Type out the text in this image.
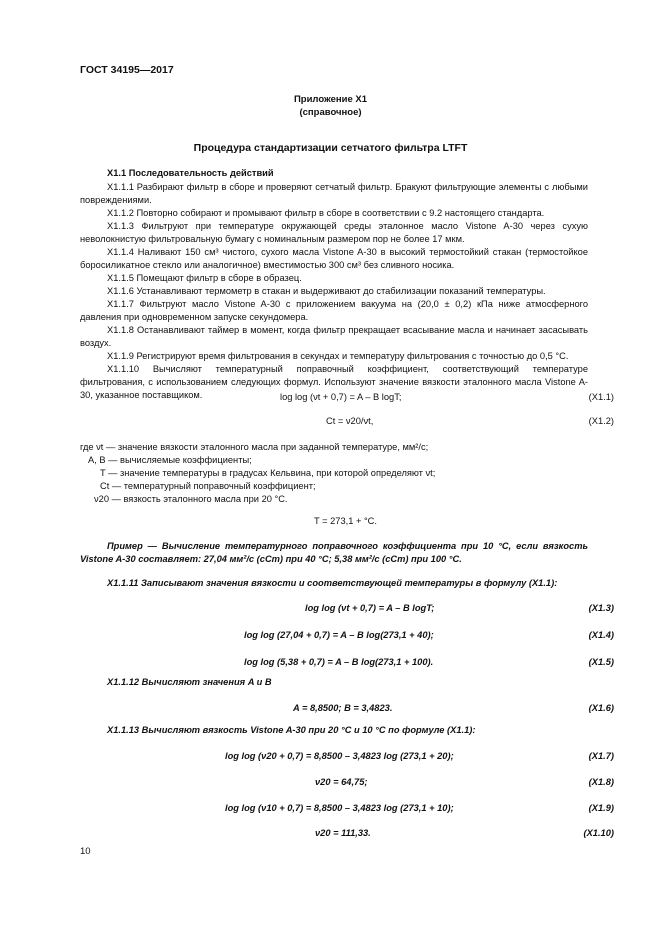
ГОСТ 34195—2017
Приложение Х1
(справочное)
Процедура стандартизации сетчатого фильтра LTFT
Х1.1 Последовательность действий
Х1.1.1 Разбирают фильтр в сборе и проверяют сетчатый фильтр. Бракуют фильтрующие элементы с любыми повреждениями.
Х1.1.2 Повторно собирают и промывают фильтр в сборе в соответствии с 9.2 настоящего стандарта.
Х1.1.3 Фильтруют при температуре окружающей среды эталонное масло Vistone A-30 через сухую неволокнистую фильтровальную бумагу с номинальным размером пор не более 17 мкм.
Х1.1.4 Наливают 150 см³ чистого, сухого масла Vistone A-30 в высокий термостойкий стакан (термостойкое боросиликатное стекло или аналогичное) вместимостью 300 см³ без сливного носика.
Х1.1.5 Помещают фильтр в сборе в образец.
Х1.1.6 Устанавливают термометр в стакан и выдерживают до стабилизации показаний температуры.
Х1.1.7 Фильтруют масло Vistone A-30 с приложением вакуума на (20,0 ± 0,2) кПа ниже атмосферного давления при одновременном запуске секундомера.
Х1.1.8 Останавливают таймер в момент, когда фильтр прекращает всасывание масла и начинает засасывать воздух.
Х1.1.9 Регистрируют время фильтрования в секундах и температуру фильтрования с точностью до 0,5 °С.
Х1.1.10 Вычисляют температурный поправочный коэффициент, соответствующий температуре фильтрования, с использованием следующих формул. Используют значение вязкости эталонного масла Vistone A-30, указанное поставщиком.	log log (νt + 0,7) = A – B logT;	(Х1.1)
Ct = ν20/νt,	(Х1.2)
где νt — значение вязкости эталонного масла при заданной температуре, мм²/с;
A, B — вычисляемые коэффициенты;
T — значение температуры в градусах Кельвина, при которой определяют νt;
Ct — температурный поправочный коэффициент;
ν20 — вязкость эталонного масла при 20 °С.
T = 273,1 + °C.
Пример — Вычисление температурного поправочного коэффициента при 10 °С, если вязкость Vistone A-30 составляет: 27,04 мм²/с (сСт) при 40 °С; 5,38 мм²/с (сСт) при 100 °С.
Х1.1.11 Записывают значения вязкости и соответствующей температуры в формулу (Х1.1):
log log (νt + 0,7) = A – B logT;	(Х1.3)
log log (27,04 + 0,7) = A – B log(273,1 + 40);	(Х1.4)
log log (5,38 + 0,7) = A – B log(273,1 + 100).	(Х1.5)
Х1.1.12 Вычисляют значения A и B
A = 8,8500; B = 3,4823.	(Х1.6)
Х1.1.13 Вычисляют вязкость Vistone A-30 при 20 °С и 10 °С по формуле (Х1.1):
log log (ν20 + 0,7) = 8,8500 – 3,4823 log (273,1 + 20);	(Х1.7)
ν20 = 64,75;	(Х1.8)
log log (ν10 + 0,7) = 8,8500 – 3,4823 log (273,1 + 10);	(Х1.9)
ν20 = 111,33.	(Х1.10)
10
